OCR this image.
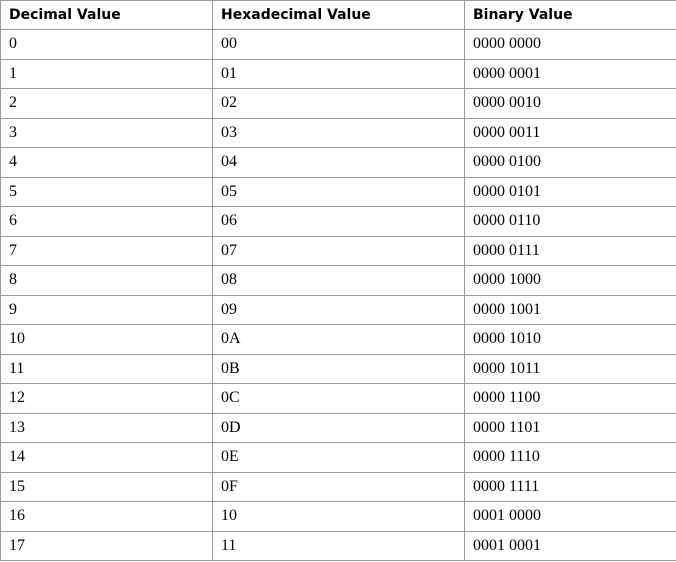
Decimal Value	Hexadecimal Value	Binary Value
0	00	0000 0000
1	01	0000 0001
2	02	0000 0010
3	03	0000 0011
4	04	0000 0100
5	05	0000 0101
6	06	0000 0110
7	07	0000 0111
8	08	0000 1000
9	09	0000 1001
10	0A	0000 1010
11	0B	0000 1011
12	0C	0000 1100
13	0D	0000 1101
14	0E	0000 1110
15	0F	0000 1111
16	10	0001 0000
17	11	0001 0001
